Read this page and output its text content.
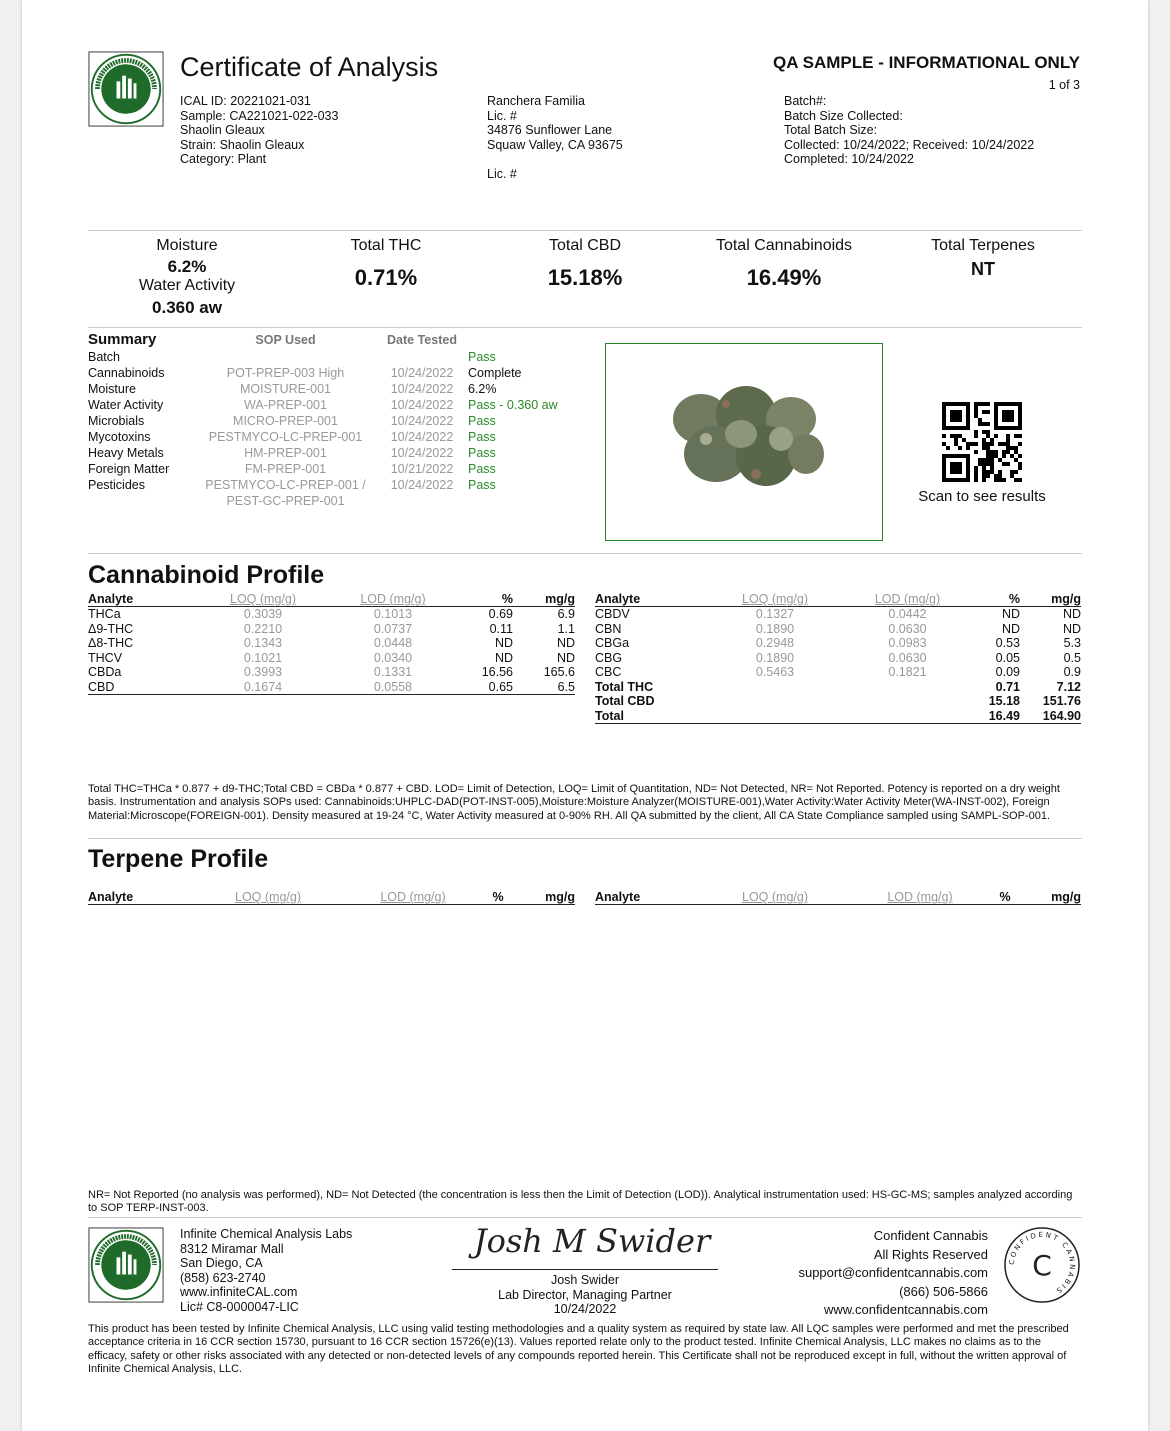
Certificate of Analysis	QA SAMPLE - INFORMATIONAL ONLY
1 of 3
ICAL ID: 20221021-031
Sample: CA221021-022-033
Shaolin Gleaux
Strain: Shaolin Gleaux
Category: Plant
Ranchera Familia
Lic. #
34876 Sunflower Lane
Squaw Valley, CA 93675
Lic. #
Batch#:
Batch Size Collected:
Total Batch Size:
Collected: 10/24/2022; Received: 10/24/2022
Completed: 10/24/2022
Moisture
6.2%
Water Activity
0.360 aw
Total THC
0.71%
Total CBD
15.18%
Total Cannabinoids
16.49%
Total Terpenes
NT
Summary	SOP Used	Date Tested	
Batch			Pass
Cannabinoids	POT-PREP-003 High	10/24/2022	Complete
Moisture	MOISTURE-001	10/24/2022	6.2%
Water Activity	WA-PREP-001	10/24/2022	Pass - 0.360 aw
Microbials	MICRO-PREP-001	10/24/2022	Pass
Mycotoxins	PESTMYCO-LC-PREP-001	10/24/2022	Pass
Heavy Metals	HM-PREP-001	10/24/2022	Pass
Foreign Matter	FM-PREP-001	10/21/2022	Pass
Pesticides	PESTMYCO-LC-PREP-001 /	10/24/2022	Pass
	PEST-GC-PREP-001			Scan to see results
Cannabinoid Profile
Analyte	LOQ (mg/g)	LOD (mg/g)	%	mg/g
THCa	0.3039	0.1013	0.69	6.9
Δ9-THC	0.2210	0.0737	0.11	1.1
Δ8-THC	0.1343	0.0448	ND	ND
THCV	0.1021	0.0340	ND	ND
CBDa	0.3993	0.1331	16.56	165.6
CBD	0.1674	0.0558	0.65	6.5
Analyte	LOQ (mg/g)	LOD (mg/g)	%	mg/g
CBDV	0.1327	0.0442	ND	ND
CBN	0.1890	0.0630	ND	ND
CBGa	0.2948	0.0983	0.53	5.3
CBG	0.1890	0.0630	0.05	0.5
CBC	0.5463	0.1821	0.09	0.9
Total THC			0.71	7.12
Total CBD			15.18	151.76
Total			16.49	164.90
Total THC=THCa * 0.877 + d9-THC;Total CBD = CBDa * 0.877 + CBD. LOD= Limit of Detection, LOQ= Limit of Quantitation, ND= Not Detected, NR= Not Reported. Potency is reported on a dry weight basis. Instrumentation and analysis SOPs used: Cannabinoids:UHPLC-DAD(POT-INST-005),Moisture:Moisture Analyzer(MOISTURE-001),Water Activity:Water Activity Meter(WA-INST-002), Foreign Material:Microscope(FOREIGN-001). Density measured at 19-24 °C, Water Activity measured at 0-90% RH. All QA submitted by the client, All CA State Compliance sampled using SAMPL-SOP-001.
Terpene Profile
Analyte	LOQ (mg/g)	LOD (mg/g)	%	mg/g Analyte	LOQ (mg/g)	LOD (mg/g)	%	mg/g
NR= Not Reported (no analysis was performed), ND= Not Detected (the concentration is less then the Limit of Detection (LOD)). Analytical instrumentation used: HS-GC-MS; samples analyzed according to SOP TERP-INST-003.
Infinite Chemical Analysis Labs
8312 Miramar Mall
San Diego, CA
(858) 623-2740
www.infiniteCAL.com
Lic# C8-0000047-LIC
Josh M Swider
Josh Swider
Lab Director, Managing Partner
10/24/2022
Confident Cannabis
All Rights Reserved
support@confidentcannabis.com
(866) 506-5866
www.confidentcannabis.com
CONFIDENT CANNABIS
C
This product has been tested by Infinite Chemical Analysis, LLC using valid testing methodologies and a quality system as required by state law. All LQC samples were performed and met the prescribed acceptance criteria in 16 CCR section 15730, pursuant to 16 CCR section 15726(e)(13). Values reported relate only to the product tested. Infinite Chemical Analysis, LLC makes no claims as to the efficacy, safety or other risks associated with any detected or non-detected levels of any compounds reported herein. This Certificate shall not be reproduced except in full, without the written approval of Infinite Chemical Analysis, LLC.
